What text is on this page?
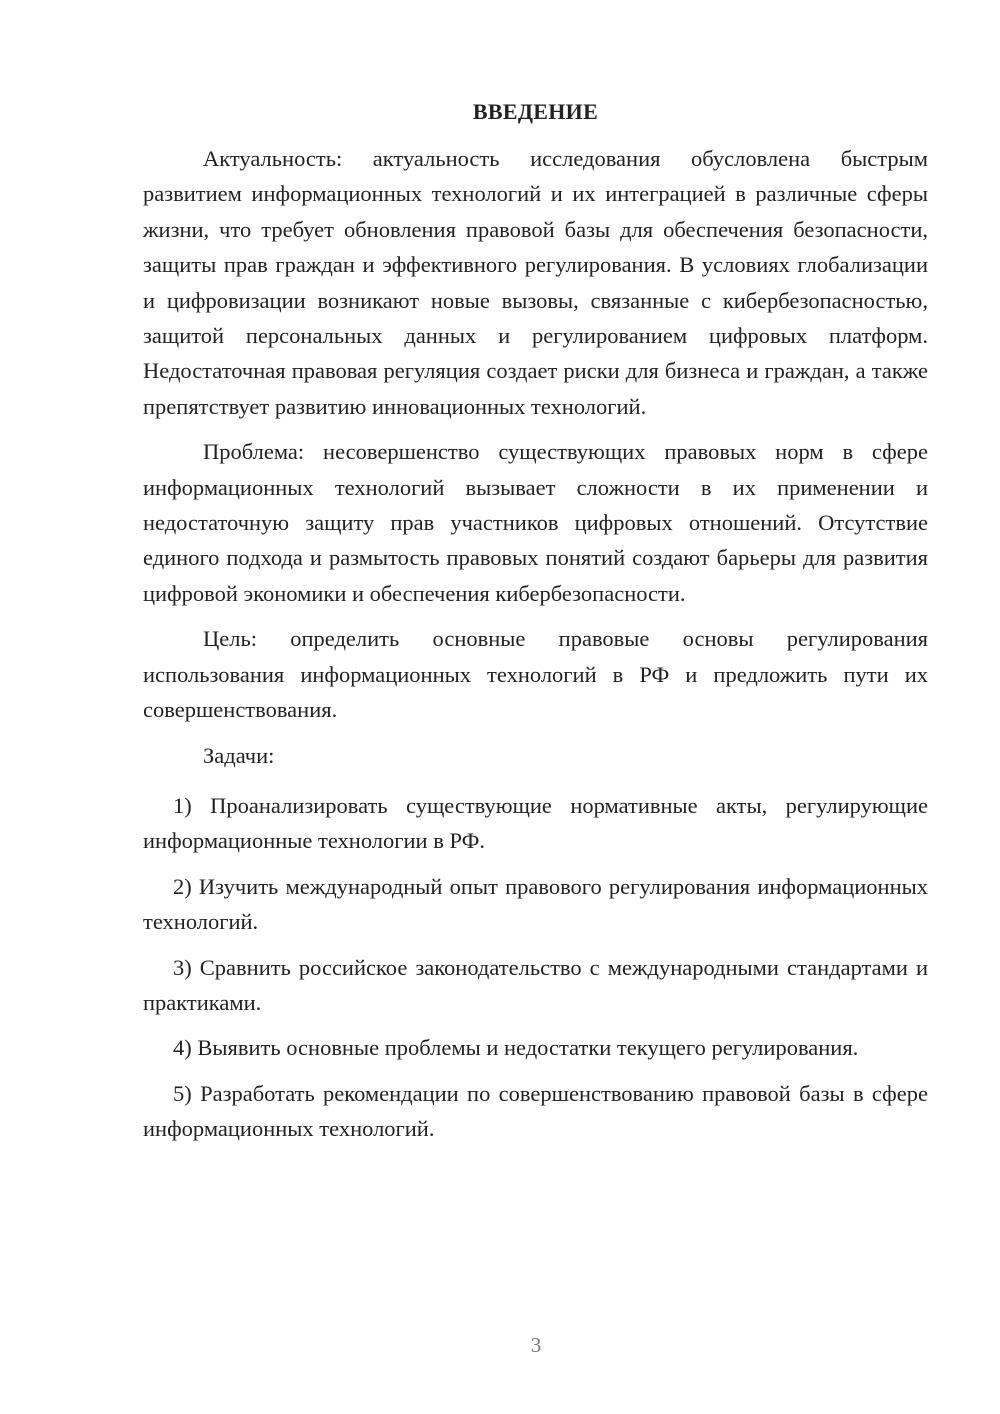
ВВЕДЕНИЕ

Актуальность: актуальность исследования обусловлена быстрым развитием информационных технологий и их интеграцией в различные сферы жизни, что требует обновления правовой базы для обеспечения безопасности, защиты прав граждан и эффективного регулирования. В условиях глобализации и цифровизации возникают новые вызовы, связанные с кибербезопасностью, защитой персональных данных и регулированием цифровых платформ. Недостаточная правовая регуляция создает риски для бизнеса и граждан, а также препятствует развитию инновационных технологий.

Проблема: несовершенство существующих правовых норм в сфере информационных технологий вызывает сложности в их применении и недостаточную защиту прав участников цифровых отношений. Отсутствие единого подхода и размытость правовых понятий создают барьеры для развития цифровой экономики и обеспечения кибербезопасности.

Цель: определить основные правовые основы регулирования использования информационных технологий в РФ и предложить пути их совершенствования.

Задачи:

1) Проанализировать существующие нормативные акты, регулирующие информационные технологии в РФ.

2) Изучить международный опыт правового регулирования информационных технологий.

3) Сравнить российское законодательство с международными стандартами и практиками.

4) Выявить основные проблемы и недостатки текущего регулирования.

5) Разработать рекомендации по совершенствованию правовой базы в сфере информационных технологий.

3
